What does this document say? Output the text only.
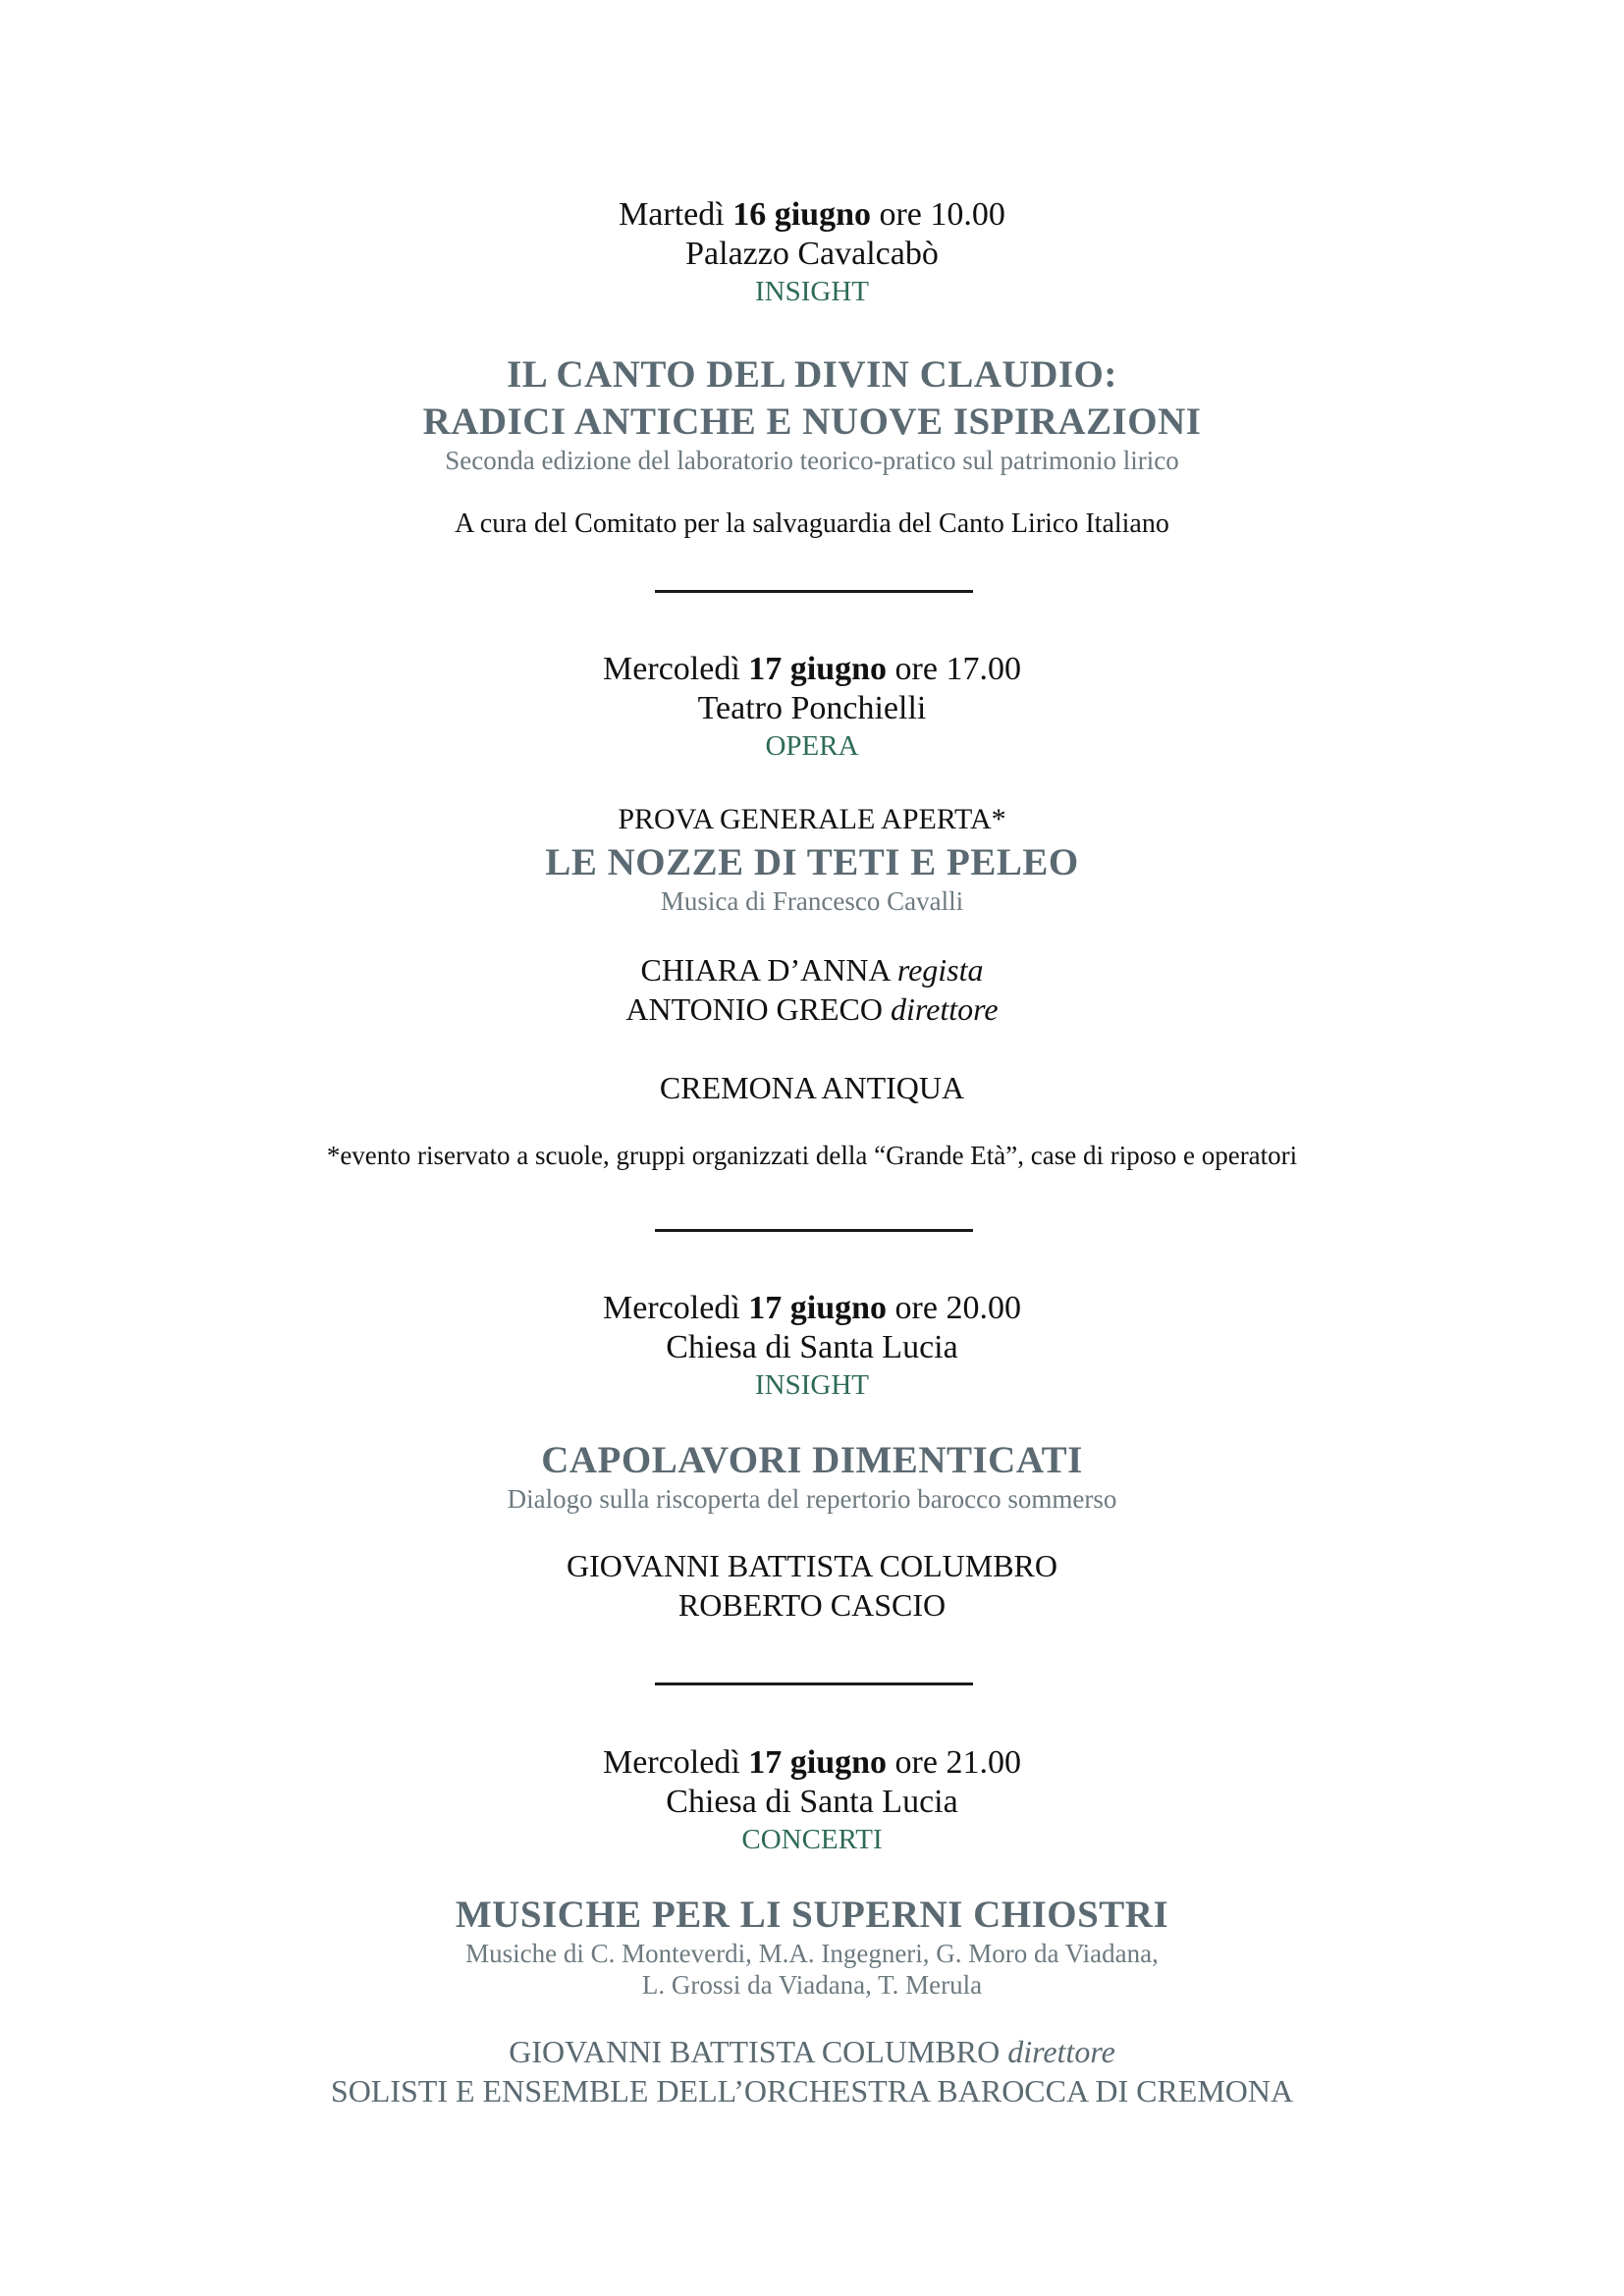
Martedì 16 giugno ore 10.00
Palazzo Cavalcabò
INSIGHT
IL CANTO DEL DIVIN CLAUDIO:
RADICI ANTICHE E NUOVE ISPIRAZIONI
Seconda edizione del laboratorio teorico-pratico sul patrimonio lirico
A cura del Comitato per la salvaguardia del Canto Lirico Italiano
Mercoledì 17 giugno ore 17.00
Teatro Ponchielli
OPERA
PROVA GENERALE APERTA*
LE NOZZE DI TETI E PELEO
Musica di Francesco Cavalli
CHIARA D’ANNA regista
ANTONIO GRECO direttore
CREMONA ANTIQUA
*evento riservato a scuole, gruppi organizzati della “Grande Età”, case di riposo e operatori
Mercoledì 17 giugno ore 20.00
Chiesa di Santa Lucia
INSIGHT
CAPOLAVORI DIMENTICATI
Dialogo sulla riscoperta del repertorio barocco sommerso
GIOVANNI BATTISTA COLUMBRO
ROBERTO CASCIO
Mercoledì 17 giugno ore 21.00
Chiesa di Santa Lucia
CONCERTI
MUSICHE PER LI SUPERNI CHIOSTRI
Musiche di C. Monteverdi, M.A. Ingegneri, G. Moro da Viadana,
L. Grossi da Viadana, T. Merula
GIOVANNI BATTISTA COLUMBRO direttore
SOLISTI E ENSEMBLE DELL’ORCHESTRA BAROCCA DI CREMONA
